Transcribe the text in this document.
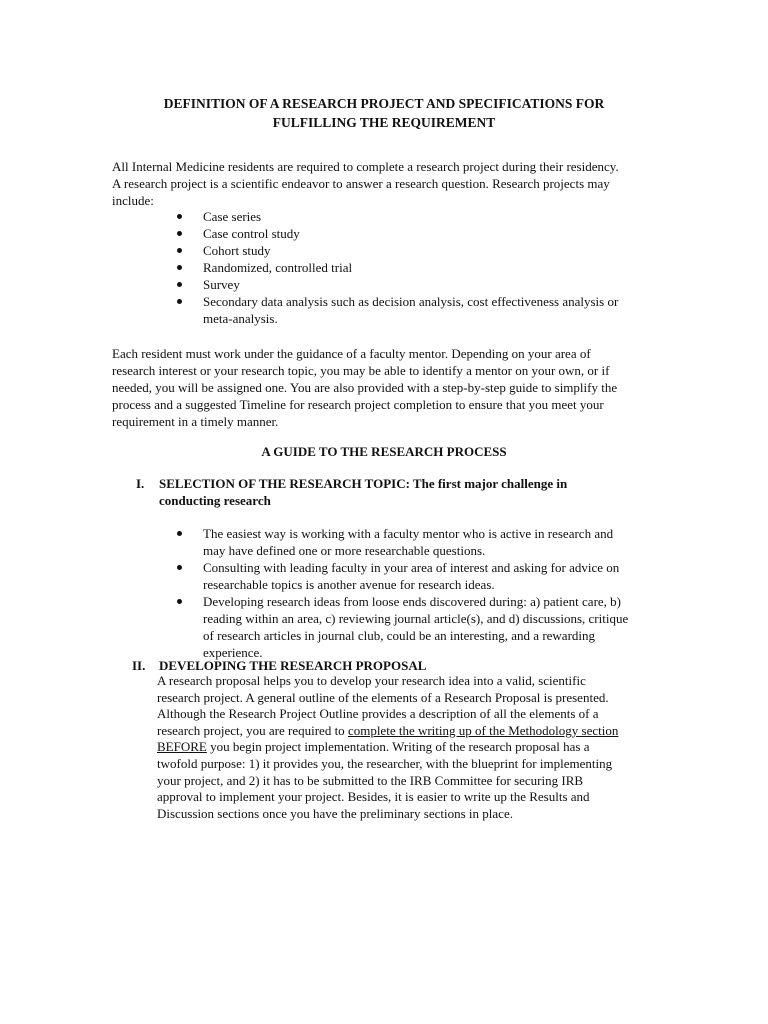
DEFINITION OF A RESEARCH PROJECT AND SPECIFICATIONS FOR
FULFILLING THE REQUIREMENT
All Internal Medicine residents are required to complete a research project during their residency.
A research project is a scientific endeavor to answer a research question. Research projects may
include:
Case series
Case control study
Cohort study
Randomized, controlled trial
Survey
Secondary data analysis such as decision analysis, cost effectiveness analysis or
meta-analysis.
Each resident must work under the guidance of a faculty mentor. Depending on your area of
research interest or your research topic, you may be able to identify a mentor on your own, or if
needed, you will be assigned one. You are also provided with a step-by-step guide to simplify the
process and a suggested Timeline for research project completion to ensure that you meet your
requirement in a timely manner.
A GUIDE TO THE RESEARCH PROCESS
I. SELECTION OF THE RESEARCH TOPIC: The first major challenge in
conducting research
The easiest way is working with a faculty mentor who is active in research and
may have defined one or more researchable questions.
Consulting with leading faculty in your area of interest and asking for advice on
researchable topics is another avenue for research ideas.
Developing research ideas from loose ends discovered during: a) patient care, b)
reading within an area, c) reviewing journal article(s), and d) discussions, critique
of research articles in journal club, could be an interesting, and a rewarding
experience.
II. DEVELOPING THE RESEARCH PROPOSAL
A research proposal helps you to develop your research idea into a valid, scientific
research project. A general outline of the elements of a Research Proposal is presented.
Although the Research Project Outline provides a description of all the elements of a
research project, you are required to complete the writing up of the Methodology section
BEFORE you begin project implementation. Writing of the research proposal has a
twofold purpose: 1) it provides you, the researcher, with the blueprint for implementing
your project, and 2) it has to be submitted to the IRB Committee for securing IRB
approval to implement your project. Besides, it is easier to write up the Results and
Discussion sections once you have the preliminary sections in place.
